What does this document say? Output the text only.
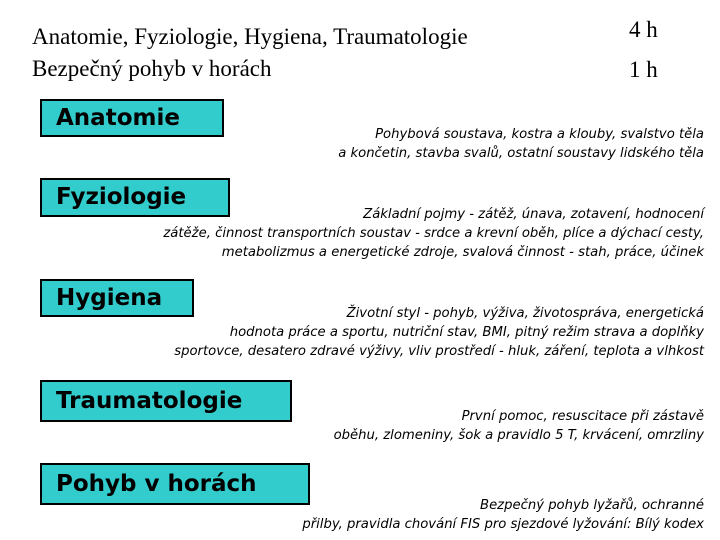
Anatomie, Fyziologie, Hygiena, Traumatologie	4 h
Bezpečný pohyb v horách	1 h
Anatomie
Pohybová soustava, kostra a klouby, svalstvo těla
a končetin, stavba svalů, ostatní soustavy lidského těla
Fyziologie
Základní pojmy - zátěž, únava, zotavení, hodnocení
zátěže, činnost transportních soustav - srdce a krevní oběh, plíce a dýchací cesty,
metabolizmus a energetické zdroje, svalová činnost - stah, práce, účinek
Hygiena
Životní styl - pohyb, výživa, životospráva, energetická
hodnota práce a sportu, nutriční stav, BMI, pitný režim strava a doplňky
sportovce, desatero zdravé výživy, vliv prostředí - hluk, záření, teplota a vlhkost
Traumatologie
První pomoc, resuscitace při zástavě
oběhu, zlomeniny, šok a pravidlo 5 T, krvácení, omrzliny
Pohyb v horách
Bezpečný pohyb lyžařů, ochranné
přilby, pravidla chování FIS pro sjezdové lyžování: Bílý kodex
